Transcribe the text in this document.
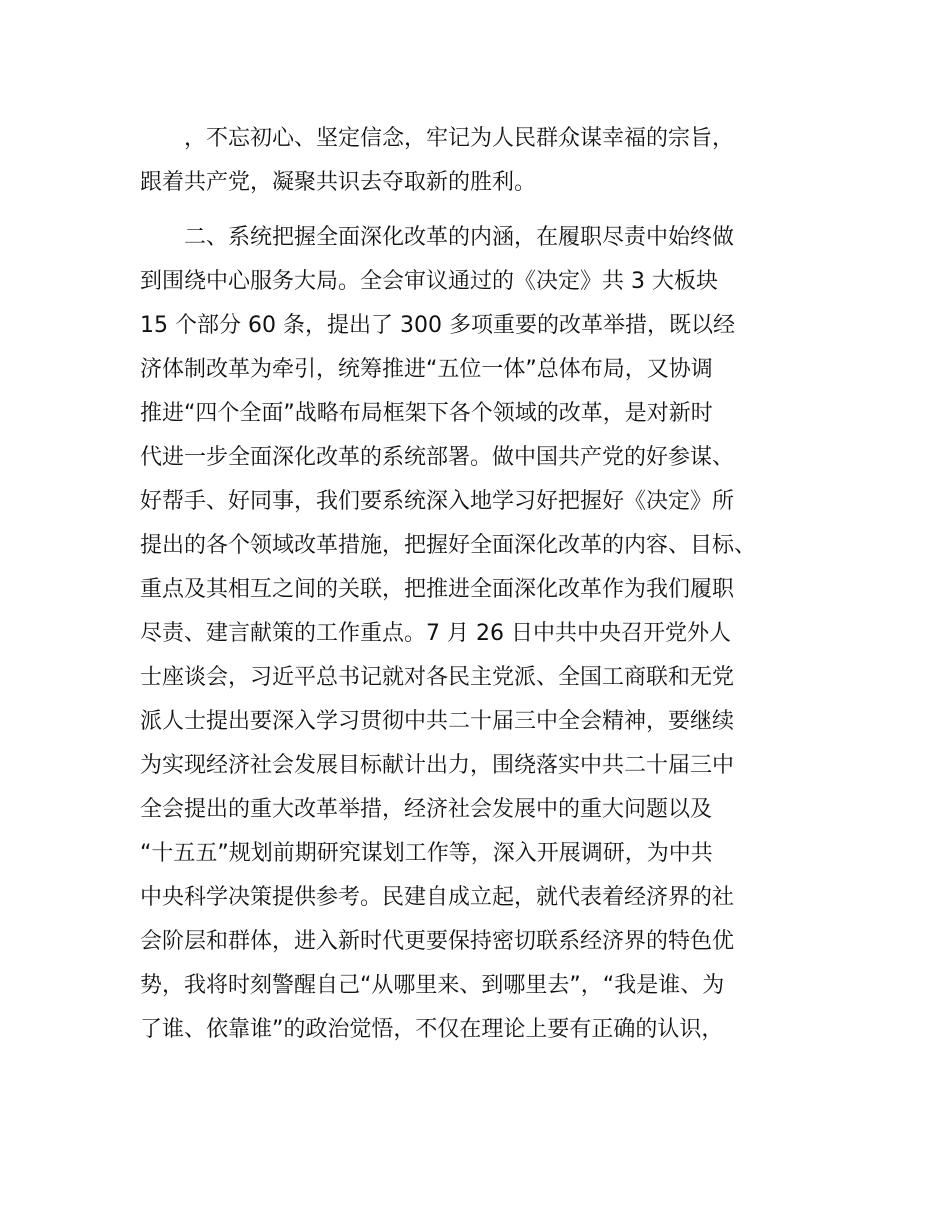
　　，不忘初心、坚定信念，牢记为人民群众谋幸福的宗旨，

跟着共产党，凝聚共识去夺取新的胜利。

　　二、系统把握全面深化改革的内涵，在履职尽责中始终做

到围绕中心服务大局。全会审议通过的《决定》共 3 大板块

15 个部分 60 条，提出了 300 多项重要的改革举措，既以经

济体制改革为牵引，统筹推进“五位一体”总体布局，又协调

推进“四个全面”战略布局框架下各个领域的改革，是对新时

代进一步全面深化改革的系统部署。做中国共产党的好参谋、

好帮手、好同事，我们要系统深入地学习好把握好《决定》所

提出的各个领域改革措施，把握好全面深化改革的内容、目标、

重点及其相互之间的关联，把推进全面深化改革作为我们履职

尽责、建言献策的工作重点。7 月 26 日中共中央召开党外人

士座谈会，习近平总书记就对各民主党派、全国工商联和无党

派人士提出要深入学习贯彻中共二十届三中全会精神，要继续

为实现经济社会发展目标献计出力，围绕落实中共二十届三中

全会提出的重大改革举措，经济社会发展中的重大问题以及

“十五五”规划前期研究谋划工作等，深入开展调研，为中共

中央科学决策提供参考。民建自成立起，就代表着经济界的社

会阶层和群体，进入新时代更要保持密切联系经济界的特色优

势，我将时刻警醒自己“从哪里来、到哪里去”，“我是谁、为

了谁、依靠谁”的政治觉悟，不仅在理论上要有正确的认识，
